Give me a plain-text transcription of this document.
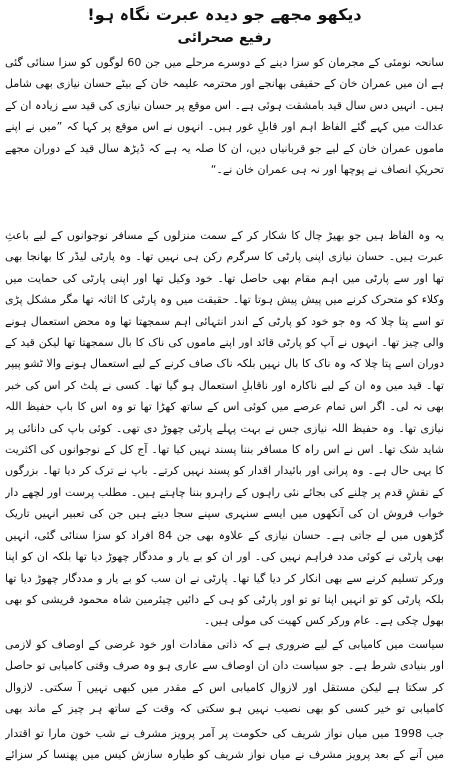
دیکھو مجھے جو دیدہ عبرت نگاہ ہو!
رفیع صحرائی

سانحہ نومئی کے مجرمان کو سزا دینے کے دوسرے مرحلے میں جن 60 لوگوں کو سزا سنائی گئی ہے ان میں عمران خان کے حقیقی بھانجے اور محترمہ علیمہ خان کے بیٹے حسان نیازی بھی شامل ہیں۔ انہیں دس سال قید بامشقت ہوئی ہے۔ اس موقع پر حسان نیازی کی قید سے زیادہ ان کے عدالت میں کہے گئے الفاظ اہم اور قابلِ غور ہیں۔ انہوں نے اس موقع پر کہا کہ ”میں نے اپنے ماموں عمران خان کے لیے جو قربانیاں دیں، ان کا صلہ یہ ہے کہ ڈیڑھ سال قید کے دوران مجھے تحریکِ انصاف نے پوچھا اور نہ ہی عمران خان نے۔“

یہ وہ الفاظ ہیں جو بھیڑ چال کا شکار کر کے سمت منزلوں کے مسافر نوجوانوں کے لیے باعثِ عبرت ہیں۔ حسان نیازی اپنی پارٹی کا سرگرم رکن ہی نہیں تھا۔ وہ پارٹی لیڈر کا بھانجا بھی تھا اور سے پارٹی میں اہم مقام بھی حاصل تھا۔ خود وکیل تھا اور اپنی پارٹی کی حمایت میں وکلاء کو متحرک کرنے میں پیش پیش ہوتا تھا۔ حقیقت میں وہ پارٹی کا اثاثہ تھا مگر مشکل پڑی تو اسے پتا چلا کہ وہ جو خود کو پارٹی کے اندر انتہائی اہم سمجھتا تھا وہ محض استعمال ہونے والی چیز تھا۔ انہوں نے آپ کو پارٹی قائد اور اپنے ماموں کی ناک کا بال سمجھتا تھا لیکن قید کے دوران اسے پتا چلا کہ وہ ناک کا بال نہیں بلکہ ناک صاف کرنے کے لیے استعمال ہونے والا ٹشو پیپر تھا۔ قید میں وہ ان کے لیے ناکارہ اور ناقابلِ استعمال ہو گیا تھا۔ کسی نے پلٹ کر اس کی خبر بھی نہ لی۔ اگر اس تمام عرصے میں کوئی اس کے ساتھ کھڑا تھا تو وہ اس کا باپ حفیظ اللہ نیازی تھا۔ وہ حفیظ اللہ نیازی جس نے بہت پہلے پارٹی چھوڑ دی تھی۔ کوئی باپ کی دانائی پر شاید شک تھا۔ اس نے اس راہ کا مسافر بننا پسند نہیں کیا تھا۔ آج کل کے نوجوانوں کی اکثریت کا یہی حال ہے۔ وہ پرانی اور بائیدار اقدار کو پسند نہیں کرتے۔ باپ نے ترک کر دیا تھا۔ بزرگوں کے نقشِ قدم پر چلنے کی بجائے نئی راہوں کے راہرو بننا چاہتے ہیں۔ مطلب پرست اور لچھے دار خواب فروش ان کی آنکھوں میں ایسے سنہری سپنے سجا دیتے ہیں جن کی تعبیر انہیں تاریک گڑھوں میں لے جاتی ہے۔ حسان نیازی کے علاوہ بھی جن 84 افراد کو سزا سنائی گئی، انہیں بھی پارٹی نے کوئی مدد فراہم نہیں کی۔ اور ان کو بے یار و مددگار چھوڑ دیا تھا بلکہ ان کو اپنا ورکر تسلیم کرنے سے بھی انکار کر دیا گیا تھا۔ پارٹی نے ان سب کو بے یار و مددگار چھوڑ دیا تھا بلکہ پارٹی کو تو انہیں اپنا تو تو اور پارٹی کو ہی کے دائیں چیئرمین شاہ محمود قریشی کو بھی بھول چکی ہے۔ عام ورکر کس کھیت کی مولی ہیں۔

سیاست میں کامیابی کے لیے ضروری ہے کہ ذاتی مفادات اور خود غرضی کے اوصاف کو لازمی اور بنیادی شرط ہے۔ جو سیاست دان ان اوصاف سے عاری ہو وہ صرف وقتی کامیابی تو حاصل کر سکتا ہے لیکن مستقل اور لازوال کامیابی اس کے مقدر میں کبھی نہیں آ سکتی۔ لازوال کامیابی تو خیر کسی کو بھی نصیب نہیں ہو سکتی کہ وقت کے ساتھ ہر چیز کے ماند بھی

جب 1998 میں میاں نواز شریف کی حکومت پر آمر پرویز مشرف نے شب خون مارا تو اقتدار میں آنے کے بعد پرویز مشرف نے میاں نواز شریف کو طیارہ سازش کیس میں پھنسا کر سزائے
